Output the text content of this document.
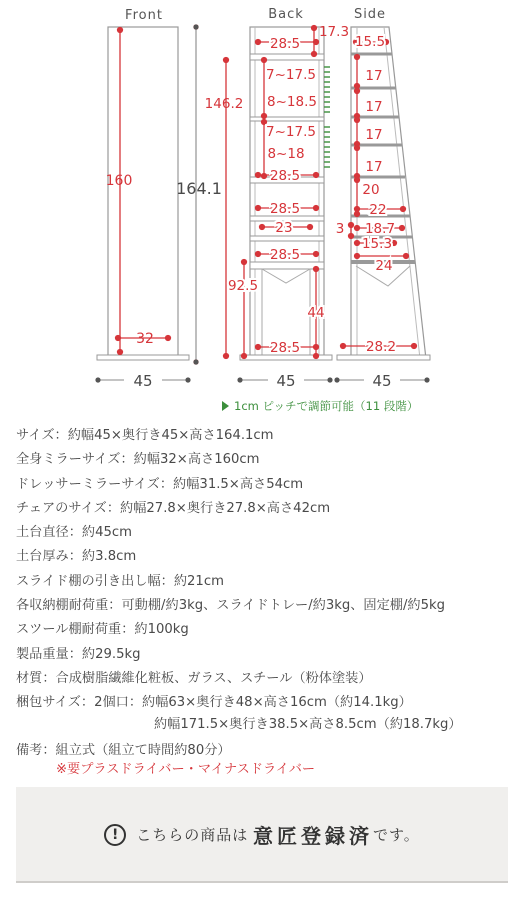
Front	Back	Side
160	164.1
32
45
17.3
146.2
28.5
7~17.5
8~18.5
7~17.5
8~18
28.5
28.5
23
28.5
92.5
44
28.5
45
15.5
17
17
17
17
20
22
3 18.7
15.3
24
28.2
45
1cm ピッチで調節可能（11 段階）
サイズ：約幅45×奥行き45×高さ164.1cm
全身ミラーサイズ：約幅32×高さ160cm
ドレッサーミラーサイズ：約幅31.5×高さ54cm
チェアのサイズ：約幅27.8×奥行き27.8×高さ42cm
土台直径：約45cm
土台厚み：約3.8cm
スライド棚の引き出し幅：約21cm
各収納棚耐荷重：可動棚/約3kg、スライドトレー/約3kg、固定棚/約5kg
スツール棚耐荷重：約100kg
製品重量：約29.5kg
材質：合成樹脂繊維化粧板、ガラス、スチール（粉体塗装）
梱包サイズ：2個口：約幅63×奥行き48×高さ16cm（約14.1kg）
約幅171.5×奥行き38.5×高さ8.5cm（約18.7kg）
備考：組立式（組立て時間約80分）
※要プラスドライバー・マイナスドライバー
! こちらの商品は 意匠登録済です。
